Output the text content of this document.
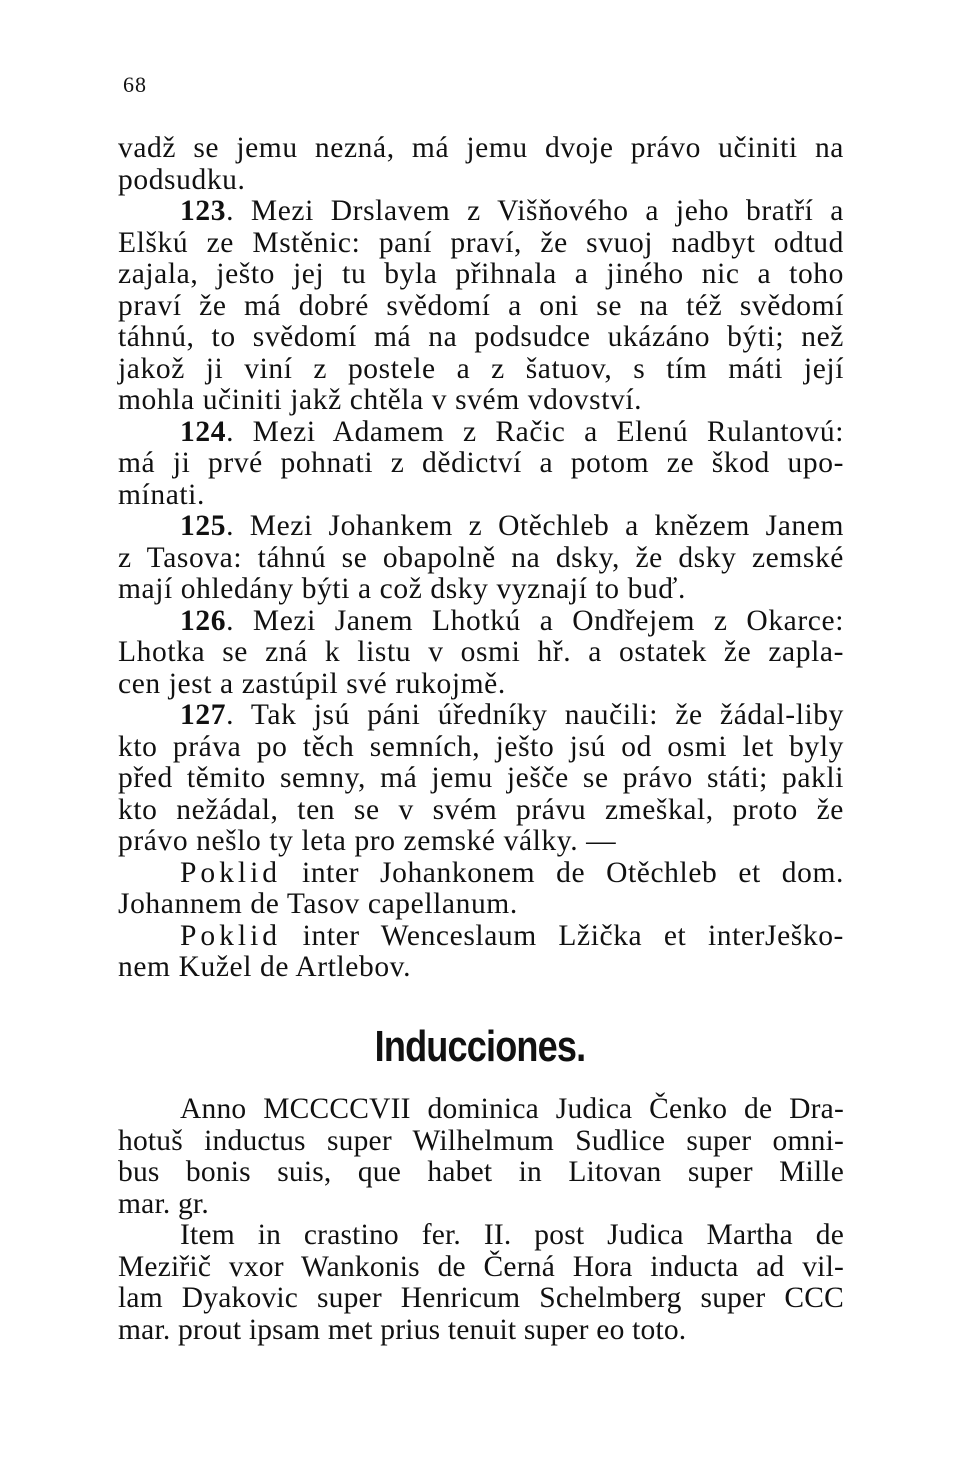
68
vadž se jemu nezná, má jemu dvoje právo učiniti na
podsudku.
123. Mezi Drslavem z Višňového a jeho bratří a
Elškú ze Mstěnic: paní praví, že svuoj nadbyt odtud
zajala, ješto jej tu byla přihnala a jiného nic a toho
praví že má dobré svědomí a oni se na též svědomí
táhnú, to svědomí má na podsudce ukázáno býti; než
jakož ji viní z postele a z šatuov, s tím máti její
mohla učiniti jakž chtěla v svém vdovství.
124. Mezi Adamem z Račic a Elenú Rulantovú:
má ji prvé pohnati z dědictví a potom ze škod upo-
mínati.
125. Mezi Johankem z Otěchleb a knězem Janem
z Tasova: táhnú se obapolně na dsky, že dsky zemské
mají ohledány býti a což dsky vyznají to buď.
126. Mezi Janem Lhotkú a Ondřejem z Okarce:
Lhotka se zná k listu v osmi hř. a ostatek že zapla-
cen jest a zastúpil své rukojmě.
127. Tak jsú páni úředníky naučili: že žádal-liby
kto práva po těch semních, ješto jsú od osmi let byly
před těmito semny, má jemu ješče se právo státi; pakli
kto nežádal, ten se v svém právu zmeškal, proto že
právo nešlo ty leta pro zemské války. —
Poklid inter Johankonem de Otěchleb et dom.
Johannem de Tasov capellanum.
Poklid inter Wenceslaum Lžička et interJeško-
nem Kužel de Artlebov.
Inducciones.
Anno MCCCCVII dominica Judica Čenko de Dra-
hotuš inductus super Wilhelmum Sudlice super omni-
bus bonis suis, que habet in Litovan super Mille
mar. gr.
Item in crastino fer. II. post Judica Martha de
Meziřič vxor Wankonis de Černá Hora inducta ad vil-
lam Dyakovic super Henricum Schelmberg super CCC
mar. prout ipsam met prius tenuit super eo toto.
